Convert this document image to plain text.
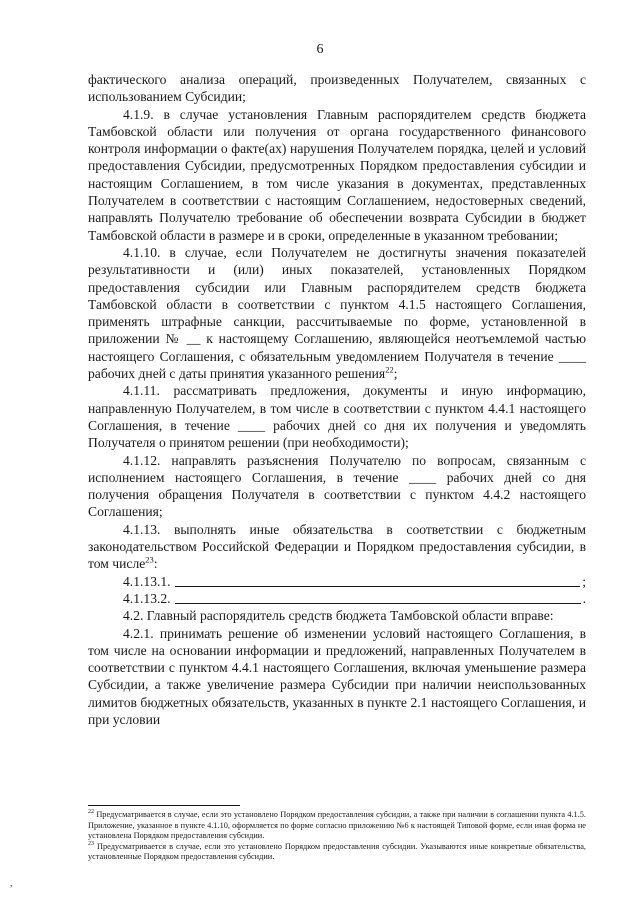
6

фактического анализа операций, произведенных Получателем, связанных с использованием Субсидии;

4.1.9. в случае установления Главным распорядителем средств бюджета Тамбовской области или получения от органа государственного финансового контроля информации о факте(ах) нарушения Получателем порядка, целей и условий предоставления Субсидии, предусмотренных Порядком предоставления субсидии и настоящим Соглашением, в том числе указания в документах, представленных Получателем в соответствии с настоящим Соглашением, недостоверных сведений, направлять Получателю требование об обеспечении возврата Субсидии в бюджет Тамбовской области в размере и в сроки, определенные в указанном требовании;

4.1.10. в случае, если Получателем не достигнуты значения показателей результативности и (или) иных показателей, установленных Порядком предоставления субсидии или Главным распорядителем средств бюджета Тамбовской области в соответствии с пунктом 4.1.5 настоящего Соглашения, применять штрафные санкции, рассчитываемые по форме, установленной в приложении № __ к настоящему Соглашению, являющейся неотъемлемой частью настоящего Соглашения, с обязательным уведомлением Получателя в течение ____ рабочих дней с даты принятия указанного решения$^{22}$;

4.1.11. рассматривать предложения, документы и иную информацию, направленную Получателем, в том числе в соответствии с пунктом 4.4.1 настоящего Соглашения, в течение ____ рабочих дней со дня их получения и уведомлять Получателя о принятом решении (при необходимости);

4.1.12. направлять разъяснения Получателю по вопросам, связанным с исполнением настоящего Соглашения, в течение ____ рабочих дней со дня получения обращения Получателя в соответствии с пунктом 4.4.2 настоящего Соглашения;

4.1.13. выполнять иные обязательства в соответствии с бюджетным законодательством Российской Федерации и Порядком предоставления субсидии, в том числе$^{23}$:

4.1.13.1.	;
4.1.13.2.	.

4.2. Главный распорядитель средств бюджета Тамбовской области вправе:

4.2.1. принимать решение об изменении условий настоящего Соглашения, в том числе на основании информации и предложений, направленных Получателем в соответствии с пунктом 4.4.1 настоящего Соглашения, включая уменьшение размера Субсидии, а также увеличение размера Субсидии при наличии неиспользованных лимитов бюджетных обязательств, указанных в пункте 2.1 настоящего Соглашения, и при условии

$^{22}$ Предусматривается в случае, если это установлено Порядком предоставления субсидии, а также при наличии в соглашении пункта 4.1.5. Приложение, указанное в пункте 4.1.10, оформляется по форме согласно приложению №6 к настоящей Типовой форме, если иная форма не установлена Порядком предоставления субсидии.

$^{23}$ Предусматривается в случае, если это установлено Порядком предоставления субсидии. Указываются иные конкретные обязательства, установленные Порядком предоставления субсидии.

,
